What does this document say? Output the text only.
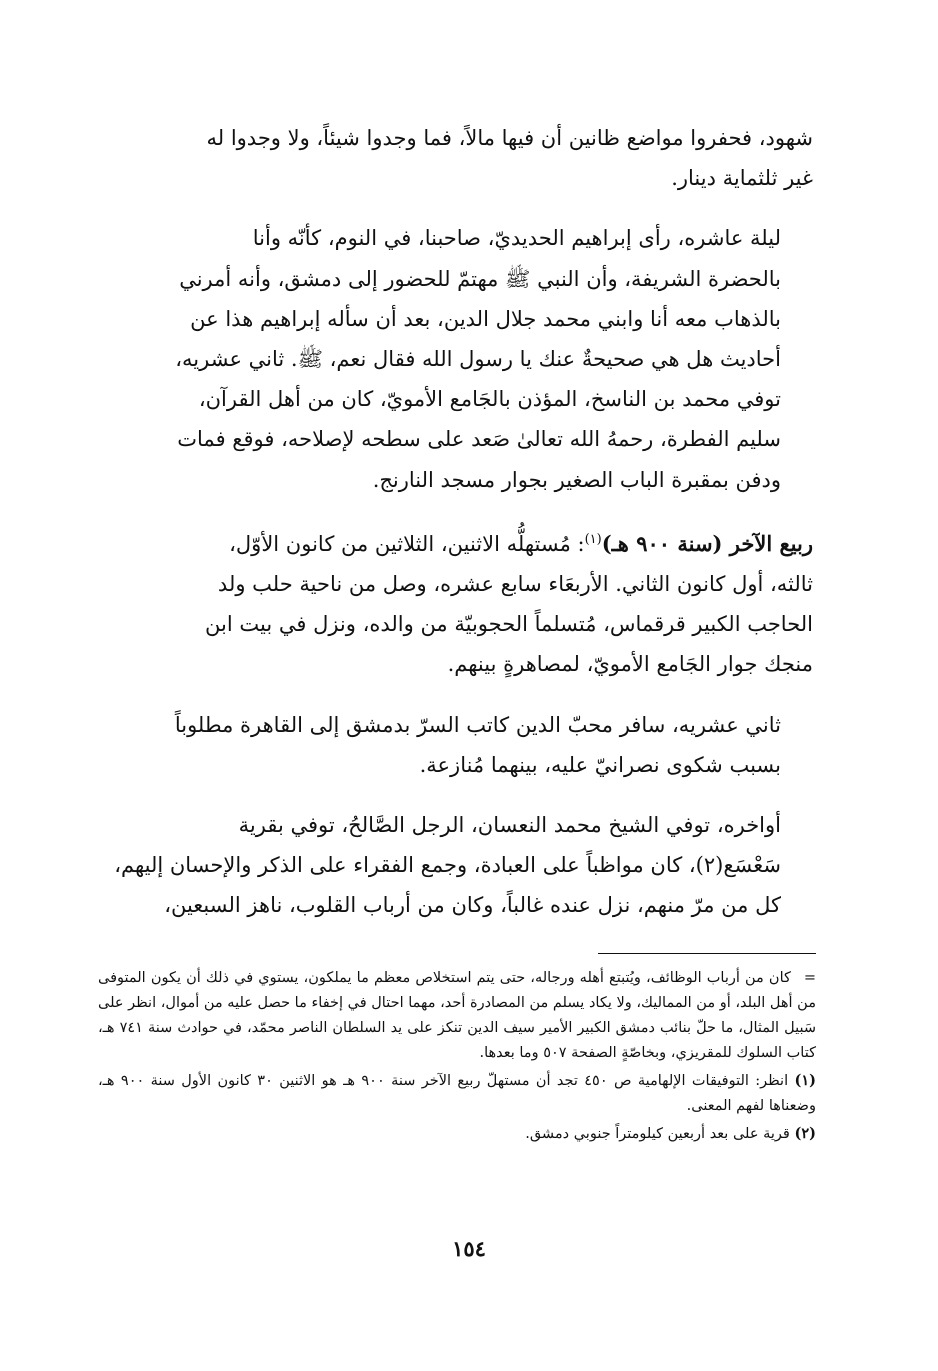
شهود، فحفروا مواضع ظانين أن فيها مالاً، فما وجدوا شيئاً، ولا وجدوا له

غير ثلثماية دينار.

ليلة عاشره، رأى إبراهيم الحديديّ، صاحبنا، في النوم، كأنّه وأنا

بالحضرة الشريفة، وأن النبي ﷺ مهتمّ للحضور إلى دمشق، وأنه أمرني

بالذهاب معه أنا وابني محمد جلال الدين، بعد أن سأله إبراهيم هذا عن

أحاديث هل هي صحيحةٌ عنك يا رسول الله فقال نعم، ﷺ. ثاني عشريه،

توفي محمد بن الناسخ، المؤذن بالجَامع الأمويّ، كان من أهل القرآن،

سليم الفطرة، رحمهُ الله تعالىٰ صَعد على سطحه لإصلاحه، فوقع فمات

ودفن بمقبرة الباب الصغير بجوار مسجد النارنج.

ربيع الآخر (سنة ٩٠٠ هـ)$^{(١)}$: مُستهلُّه الاثنين، الثلاثين من كانون الأوّل،

ثالثه، أول كانون الثاني. الأربعَاء سابع عشره، وصل من ناحية حلب ولد

الحاجب الكبير قرقماس، مُتسلماً الحجوبيّة من والده، ونزل في بيت ابن

منجك جوار الجَامع الأمويّ، لمصاهرةٍ بينهم.

ثاني عشريه، سافر محبّ الدين كاتب السرّ بدمشق إلى القاهرة مطلوباً

بسبب شكوى نصرانيّ عليه، بينهما مُنازعة.

أواخره، توفي الشيخ محمد النعسان، الرجل الصَّالحُ، توفي بقرية

سَعْسَع(٢)، كان مواظباً على العبادة، وجمع الفقراء على الذكر والإحسان إليهم،

كل من مرّ منهم، نزل عنده غالباً، وكان من أرباب القلوب، ناهز السبعين،

= كان من أرباب الوظائف، ويُتبتع أهله ورجاله، حتى يتم استخلاص معظم ما يملكون، يستوي في ذلك أن يكون المتوفى من أهل البلد، أو من المماليك، ولا يكاد يسلم من المصادرة أحد، مهما احتال في إخفاء ما حصل عليه من أموال، انظر على سَبيل المثال، ما حلّ بنائب دمشق الكبير الأمير سيف الدين تنكز على يد السلطان الناصر محمّد، في حوادث سنة ٧٤١ هـ، كتاب السلوك للمقريزي، وبخاصّةٍ الصفحة ٥٠٧ وما بعدها.
(١) انظر: التوفيقات الإلهامية ص ٤٥٠ تجد أن مستهلّ ربيع الآخر سنة ٩٠٠ هـ هو الاثنين ٣٠ كانون الأول سنة ٩٠٠ هـ، وضعناها لفهم المعنى.
(٢) قرية على بعد أربعين كيلومتراً جنوبي دمشق.
١٥٤
